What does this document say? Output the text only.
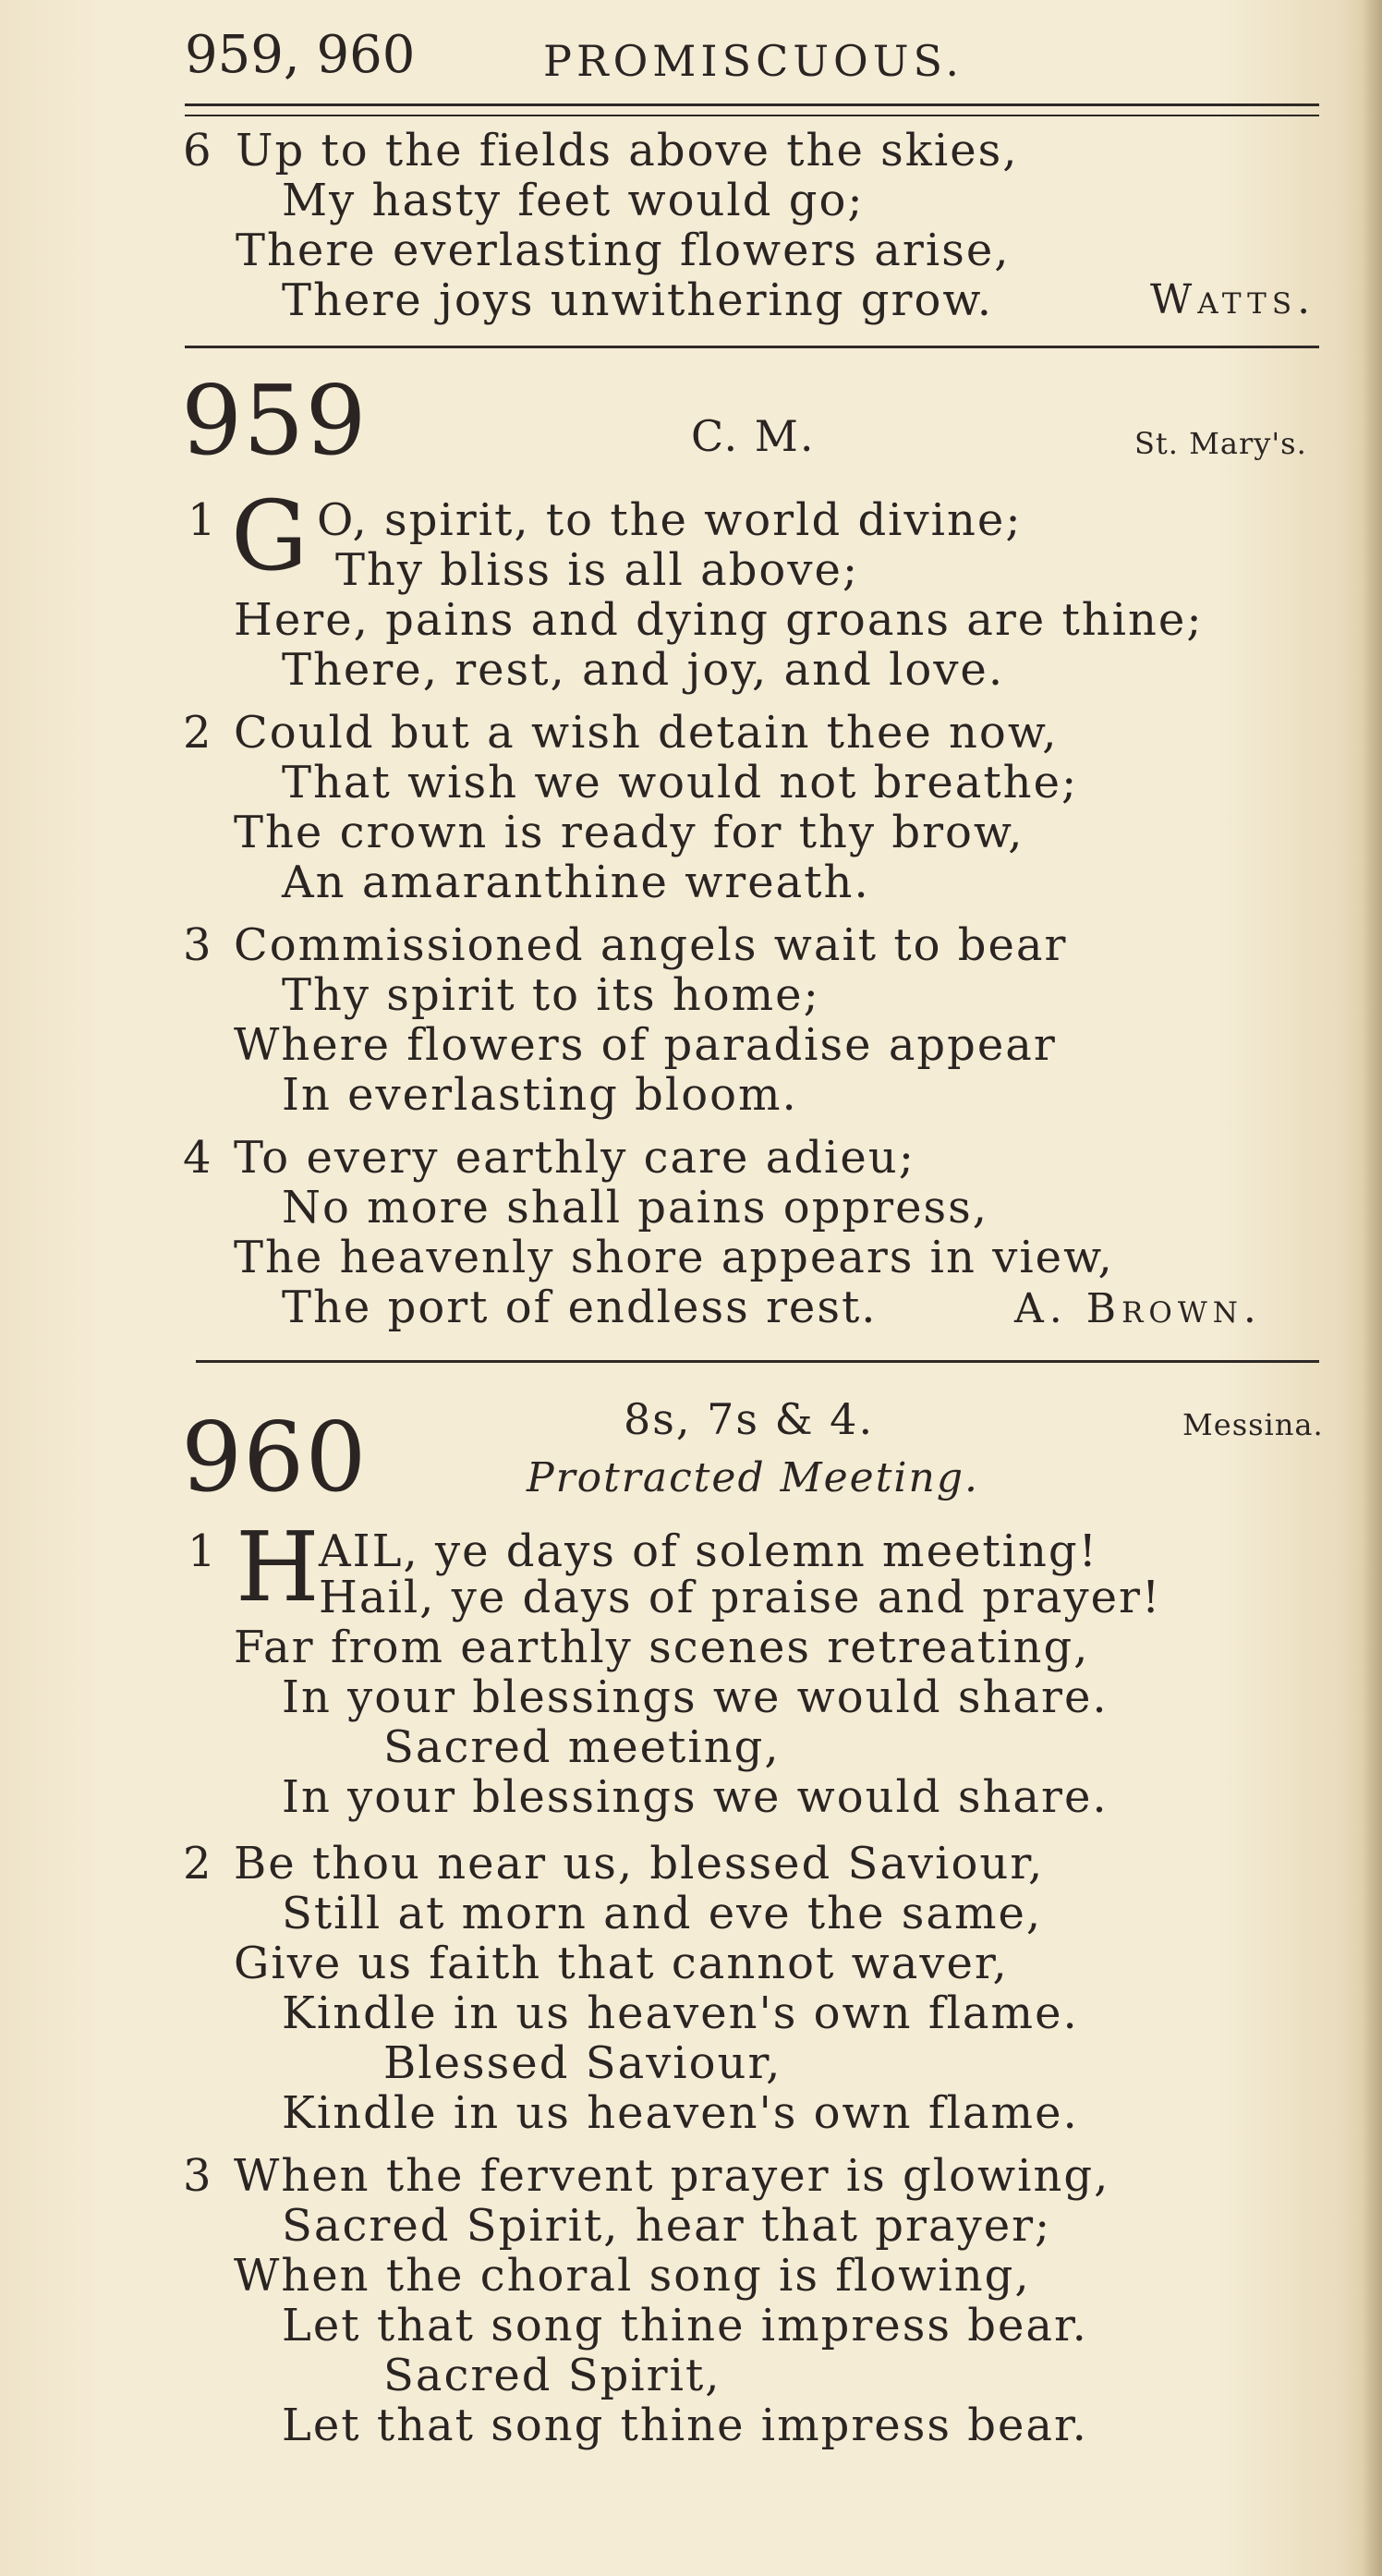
959, 960	PROMISCUOUS.
6 Up to the fields above the skies,
My hasty feet would go;
There everlasting flowers arise,
There joys unwithering grow.	Watts.
959	C. M.	St. Mary's.
1 G O, spirit, to the world divine;
Thy bliss is all above;
Here, pains and dying groans are thine;
There, rest, and joy, and love.
2 Could but a wish detain thee now,
That wish we would not breathe;
The crown is ready for thy brow,
An amaranthine wreath.
3 Commissioned angels wait to bear
Thy spirit to its home;
Where flowers of paradise appear
In everlasting bloom.
4 To every earthly care adieu;
No more shall pains oppress,
The heavenly shore appears in view,
The port of endless rest.	A. Brown.
960	8s, 7s & 4.	Messina.
Protracted Meeting.
1 H AIL, ye days of solemn meeting!
Hail, ye days of praise and prayer!
Far from earthly scenes retreating,
In your blessings we would share.
Sacred meeting,
In your blessings we would share.
2 Be thou near us, blessed Saviour,
Still at morn and eve the same,
Give us faith that cannot waver,
Kindle in us heaven's own flame.
Blessed Saviour,
Kindle in us heaven's own flame.
3 When the fervent prayer is glowing,
Sacred Spirit, hear that prayer;
When the choral song is flowing,
Let that song thine impress bear.
Sacred Spirit,
Let that song thine impress bear.
